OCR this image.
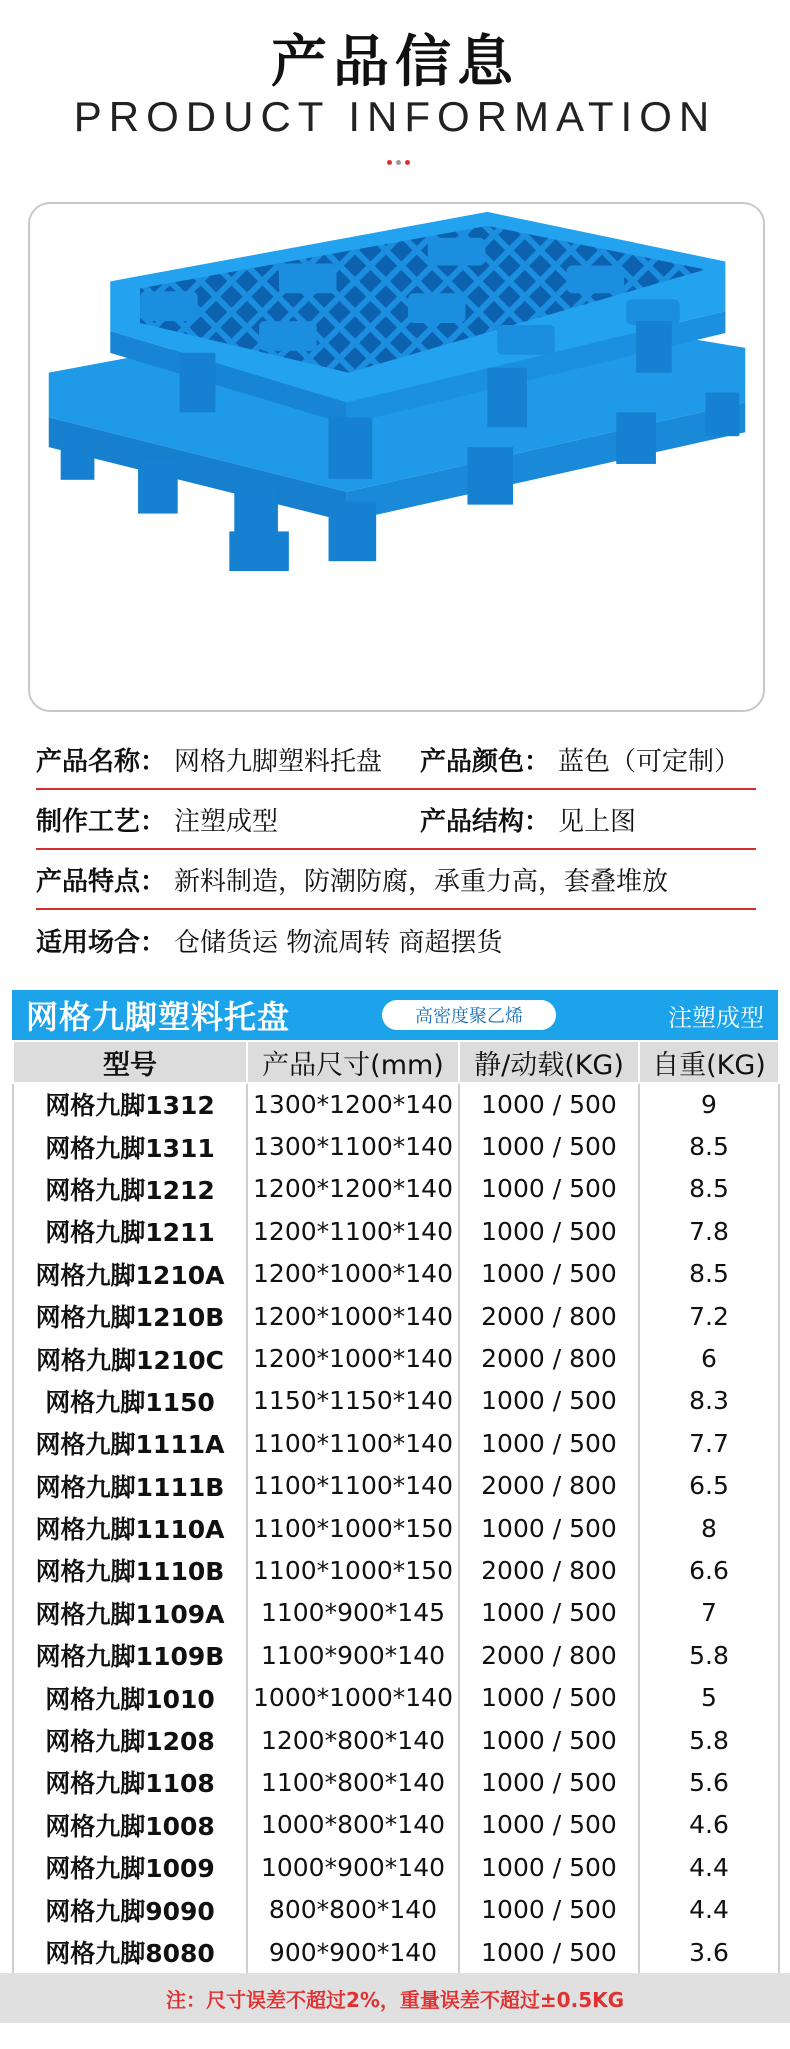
产品信息
PRODUCT INFORMATION
产品名称： 网格九脚塑料托盘 产品颜色： 蓝色（可定制）
制作工艺： 注塑成型	产品结构： 见上图
产品特点： 新料制造，防潮防腐，承重力高，套叠堆放
适用场合： 仓储货运 物流周转 商超摆货
网格九脚塑料托盘	高密度聚乙烯	注塑成型
型号	产品尺寸(mm)	静/动载(KG)	自重(KG)
网格九脚1312	1300*1200*140	1000 / 500	9
网格九脚1311	1300*1100*140	1000 / 500	8.5
网格九脚1212	1200*1200*140	1000 / 500	8.5
网格九脚1211	1200*1100*140	1000 / 500	7.8
网格九脚1210A	1200*1000*140	1000 / 500	8.5
网格九脚1210B	1200*1000*140	2000 / 800	7.2
网格九脚1210C	1200*1000*140	2000 / 800	6
网格九脚1150	1150*1150*140	1000 / 500	8.3
网格九脚1111A	1100*1100*140	1000 / 500	7.7
网格九脚1111B	1100*1100*140	2000 / 800	6.5
网格九脚1110A	1100*1000*150	1000 / 500	8
网格九脚1110B	1100*1000*150	2000 / 800	6.6
网格九脚1109A	1100*900*145	1000 / 500	7
网格九脚1109B	1100*900*140	2000 / 800	5.8
网格九脚1010	1000*1000*140	1000 / 500	5
网格九脚1208	1200*800*140	1000 / 500	5.8
网格九脚1108	1100*800*140	1000 / 500	5.6
网格九脚1008	1000*800*140	1000 / 500	4.6
网格九脚1009	1000*900*140	1000 / 500	4.4
网格九脚9090	800*800*140	1000 / 500	4.4
网格九脚8080	900*900*140	1000 / 500	3.6
注：尺寸误差不超过2%，重量误差不超过±0.5KG
